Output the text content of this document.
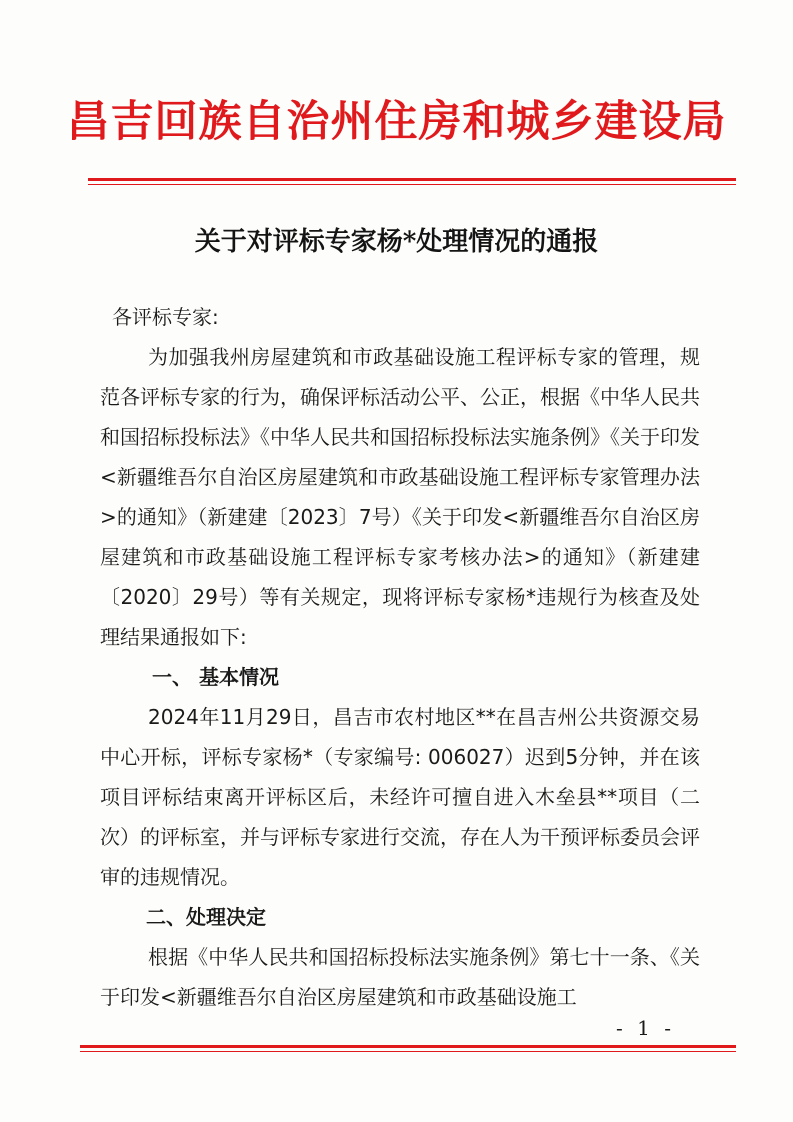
昌吉回族自治州住房和城乡建设局
关于对评标专家杨*处理情况的通报

各评标专家:

为加强我州房屋建筑和市政基础设施工程评标专家的管理，规范各评标专家的行为，确保评标活动公平、公正，根据《中华人民共和国招标投标法》《中华人民共和国招标投标法实施条例》《关于印发<新疆维吾尔自治区房屋建筑和市政基础设施工程评标专家管理办法>的通知》（新建建〔2023〕7号）《关于印发<新疆维吾尔自治区房屋建筑和市政基础设施工程评标专家考核办法>的通知》（新建建〔2020〕29号）等有关规定，现将评标专家杨*违规行为核查及处理结果通报如下:

一、 基本情况

2024年11月29日，昌吉市农村地区**在昌吉州公共资源交易中心开标，评标专家杨*（专家编号: 006027）迟到5分钟，并在该项目评标结束离开评标区后，未经许可擅自进入木垒县**项目（二次）的评标室，并与评标专家进行交流，存在人为干预评标委员会评审的违规情况。

二、处理决定

根据《中华人民共和国招标投标法实施条例》第七十一条、《关于印发<新疆维吾尔自治区房屋建筑和市政基础设施工

- 1 -
